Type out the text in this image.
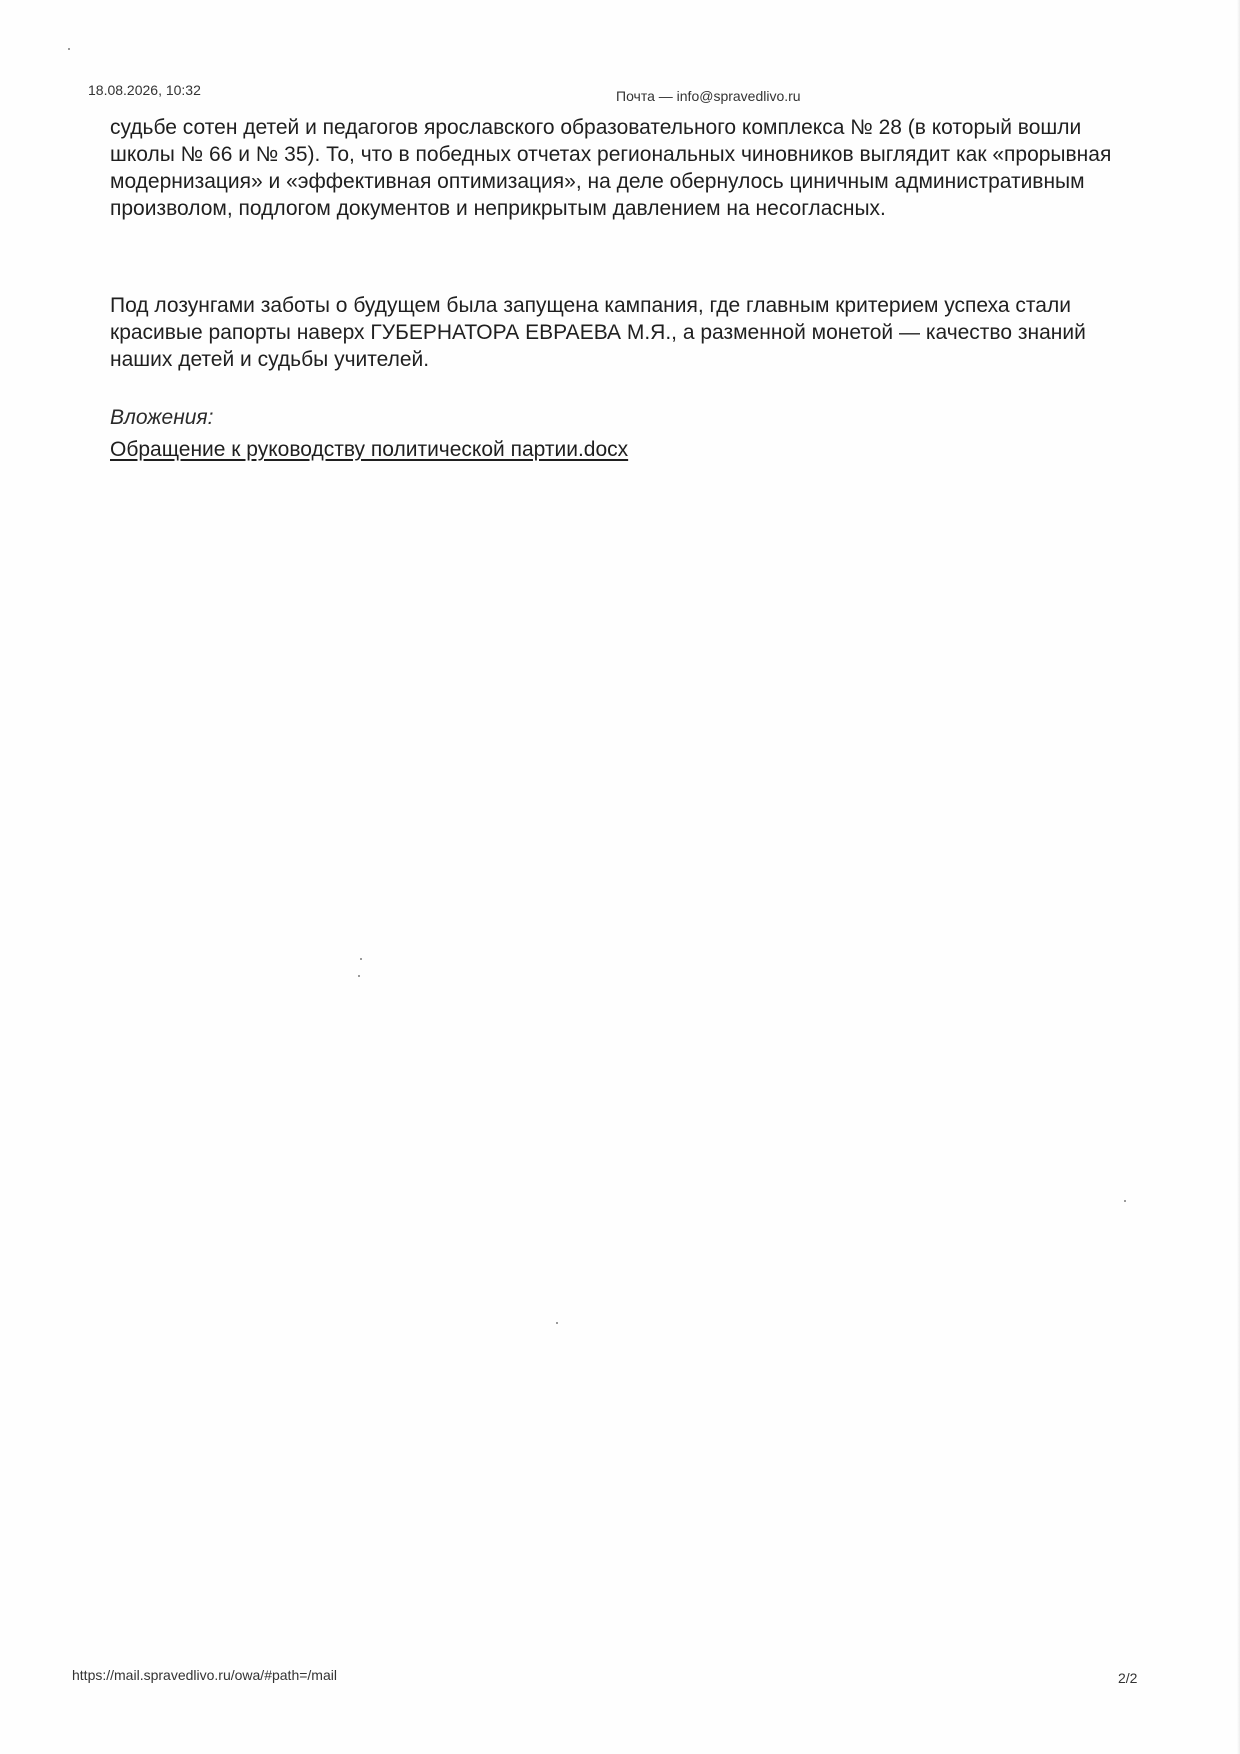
18.08.2026, 10:32	Почта — info@spravedlivo.ru
судьбе сотен детей и педагогов ярославского образовательного комплекса № 28 (в который вошли школы № 66 и № 35). То, что в победных отчетах региональных чиновников выглядит как «прорывная модернизация» и «эффективная оптимизация», на деле обернулось циничным административным произволом, подлогом документов и неприкрытым давлением на несогласных.
Под лозунгами заботы о будущем была запущена кампания, где главным критерием успеха стали красивые рапорты наверх ГУБЕРНАТОРА ЕВРАЕВА М.Я., а разменной монетой — качество знаний наших детей и судьбы учителей.
Вложения:
Обращение к руководству политической партии.docx
https://mail.spravedlivo.ru/owa/#path=/mail	2/2
